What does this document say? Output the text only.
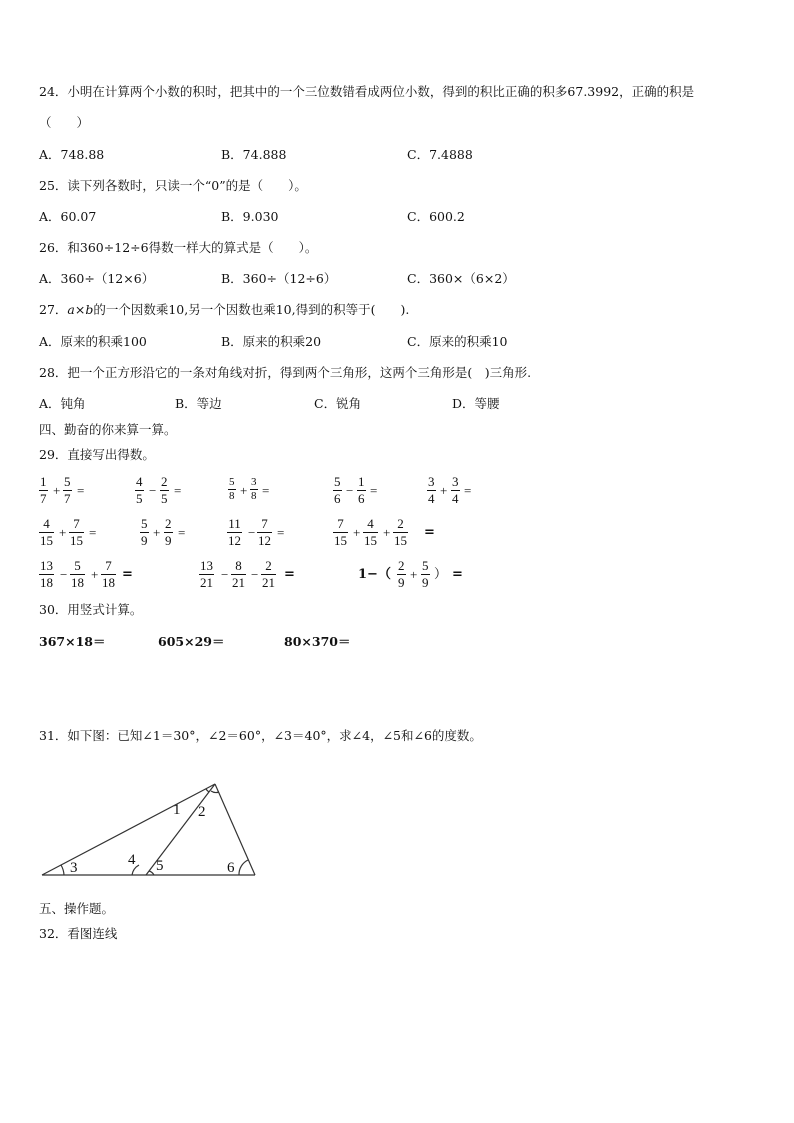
24．小明在计算两个小数的积时，把其中的一个三位数错看成两位小数，得到的积比正确的积多67.3992，正确的积是
（　　）
A．748.88	B．74.888	C．7.4888
25．读下列各数时，只读一个“0”的是（　　）。
A．60.07	B．9.030	C．600.2
26．和360÷12÷6得数一样大的算式是（　　）。
A．360÷（12×6）	B．360÷（12÷6）	C．360×（6×2）
27．a×b的一个因数乘10,另一个因数也乘10,得到的积等于(　　).
A．原来的积乘100	B．原来的积乘20	C．原来的积乘10
28．把一个正方形沿它的一条对角线对折，得到两个三角形，这两个三角形是(　)三角形.
A．钝角	B．等边	C．锐角	D．等腰
四、勤奋的你来算一算。
29．直接写出得数。
$\frac{1}{7} + \frac{5}{7}$ =	$\frac{4}{5} - \frac{2}{5}$ =	$\frac{5}{8} + \frac{3}{8}$ =	$\frac{5}{6} - \frac{1}{6}$ =	$\frac{3}{4} + \frac{3}{4}$ =
$\frac{4}{15} + \frac{7}{15}$ =	$\frac{5}{9} + \frac{2}{9}$ =	$\frac{11}{12} - \frac{7}{12}$ =	$\frac{7}{15} + \frac{4}{15} + \frac{2}{15}$ =
$\frac{13}{18} - \frac{5}{18} + \frac{7}{18}$ =	$\frac{13}{21} - \frac{8}{21} - \frac{2}{21}$ =	$1-( \frac{2}{9} + \frac{5}{9}$ ） =
30．用竖式计算。
367×18＝	605×29＝	80×370＝
31．如下图：已知∠1＝30°，∠2＝60°，∠3＝40°，求∠4，∠5和∠6的度数。
1 2
3	4 5	6
五、操作题。
32．看图连线
